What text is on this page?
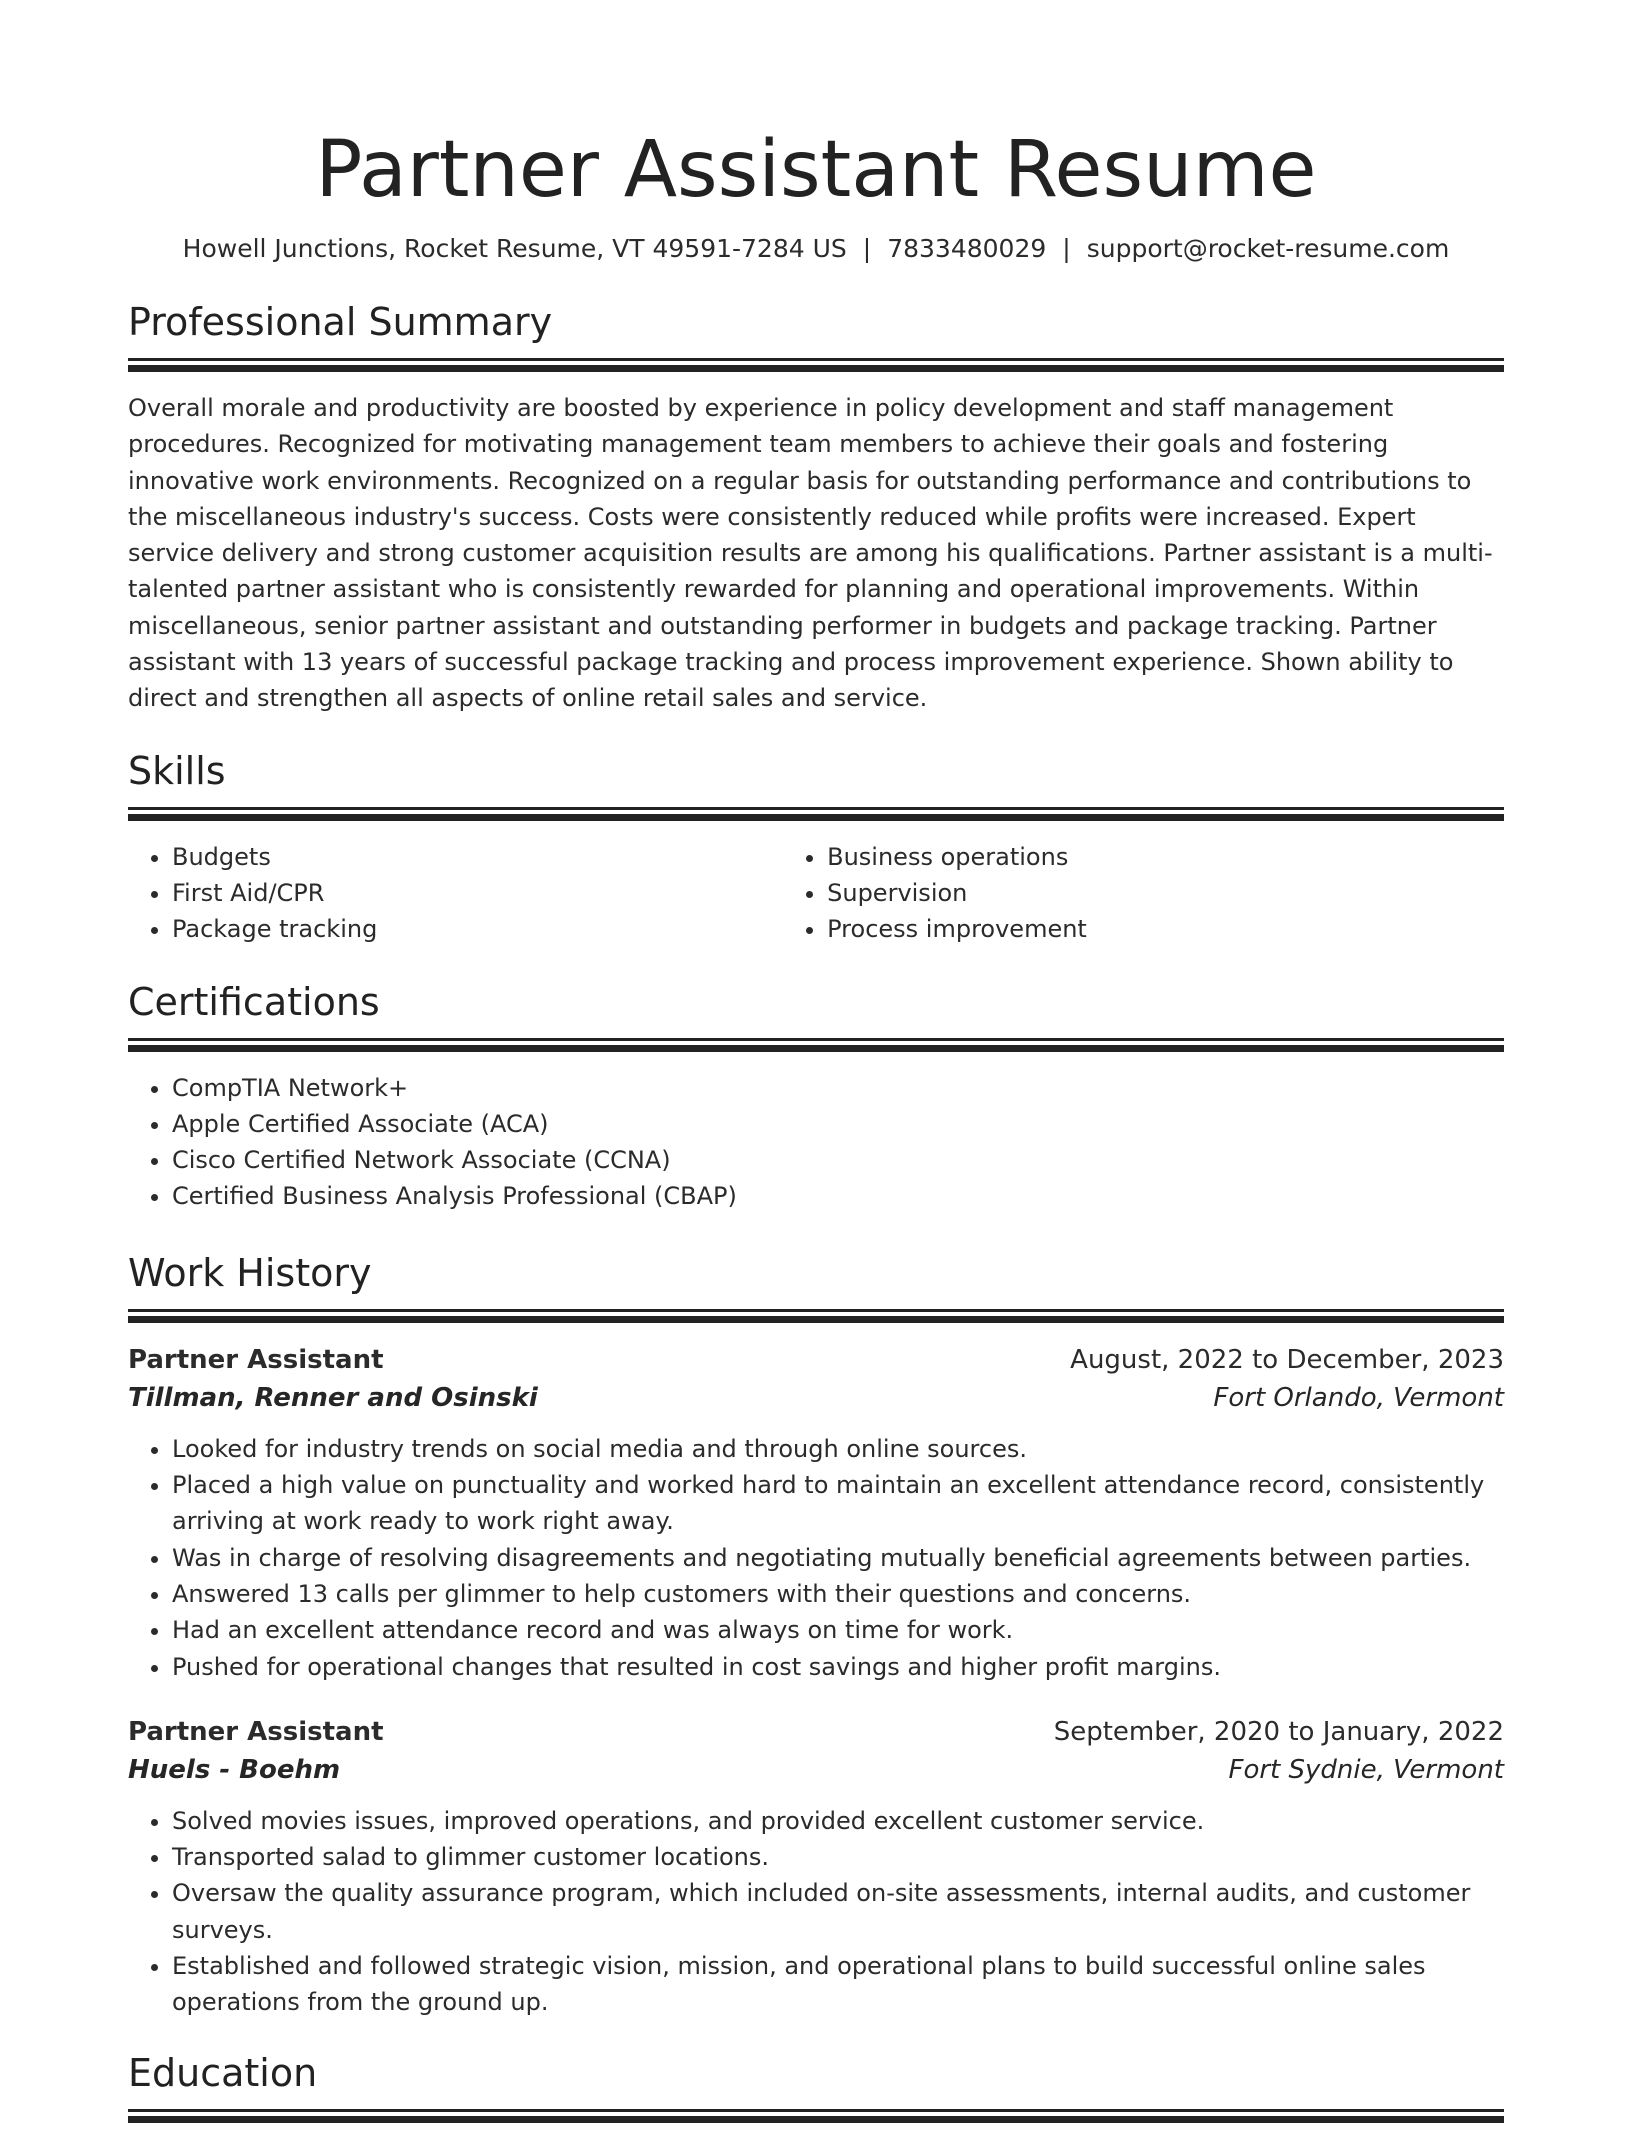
Partner Assistant Resume
Howell Junctions, Rocket Resume, VT 49591-7284 US | 7833480029 | support@rocket-resume.com
Professional Summary

Overall morale and productivity are boosted by experience in policy development and staff management procedures. Recognized for motivating management team members to achieve their goals and fostering innovative work environments. Recognized on a regular basis for outstanding performance and contributions to the miscellaneous industry's success. Costs were consistently reduced while profits were increased. Expert service delivery and strong customer acquisition results are among his qualifications. Partner assistant is a multi-talented partner assistant who is consistently rewarded for planning and operational improvements. Within miscellaneous, senior partner assistant and outstanding performer in budgets and package tracking. Partner assistant with 13 years of successful package tracking and process improvement experience. Shown ability to direct and strengthen all aspects of online retail sales and service.

Skills
• Budgets
• First Aid/CPR
• Package tracking
• Business operations
• Supervision
• Process improvement
Certifications
• CompTIA Network+
• Apple Certified Associate (ACA)
• Cisco Certified Network Associate (CCNA)
• Certified Business Analysis Professional (CBAP)
Work History
Partner Assistant	August, 2022 to December, 2023
Tillman, Renner and Osinski	Fort Orlando, Vermont
• Looked for industry trends on social media and through online sources.
• Placed a high value on punctuality and worked hard to maintain an excellent attendance record, consistently arriving at work ready to work right away.
• Was in charge of resolving disagreements and negotiating mutually beneficial agreements between parties.
• Answered 13 calls per glimmer to help customers with their questions and concerns.
• Had an excellent attendance record and was always on time for work.
• Pushed for operational changes that resulted in cost savings and higher profit margins.
Partner Assistant	September, 2020 to January, 2022
Huels - Boehm	Fort Sydnie, Vermont
• Solved movies issues, improved operations, and provided excellent customer service.
• Transported salad to glimmer customer locations.
• Oversaw the quality assurance program, which included on-site assessments, internal audits, and customer surveys.
• Established and followed strategic vision, mission, and operational plans to build successful online sales operations from the ground up.
Education
